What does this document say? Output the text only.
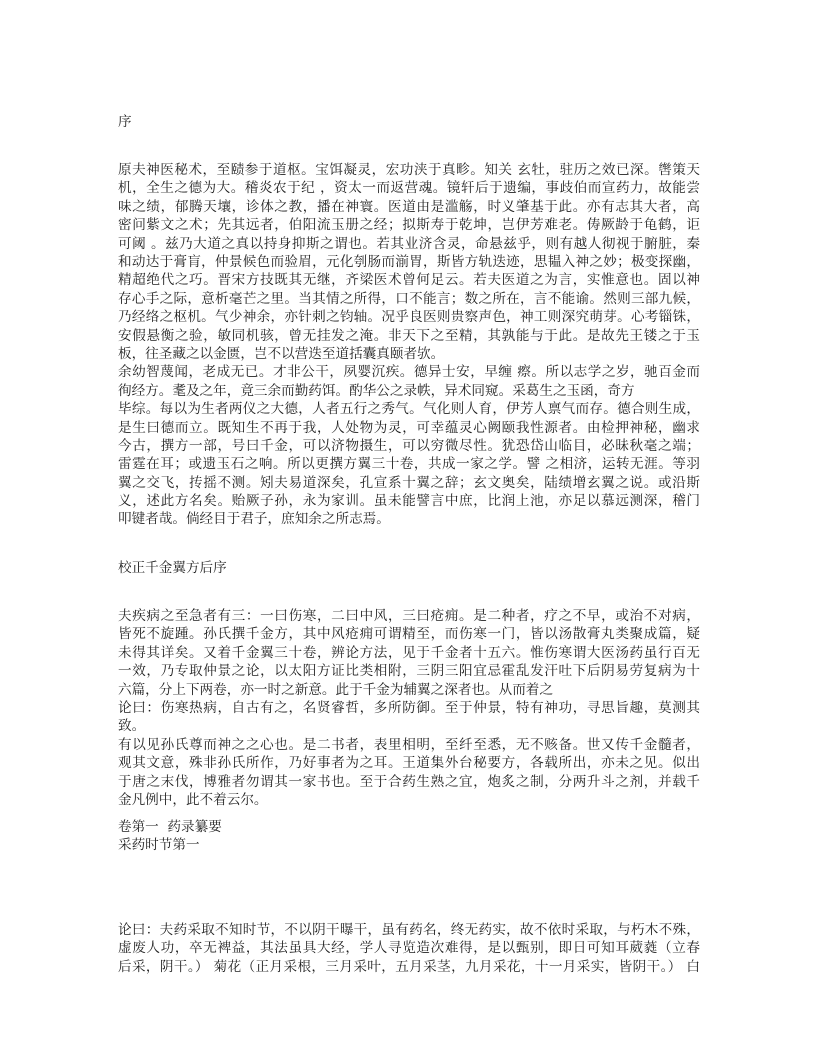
序
原夫神医秘术，至赜参于道枢。宝饵凝灵，宏功浃于真畛。知关 玄牡，驻历之效已深。辔策天
机，全生之德为大。稽炎农于纪 ，资太一而返营魂。镜轩后于遗编，事歧伯而宣药力，故能尝
味之绩，郁腾天壤，诊体之教，播在神寰。医道由是滥觞，时义肇基于此。亦有志其大者，高
密问紫文之术；先其远者，伯阳流玉册之经；拟斯寿于乾坤，岂伊芳难老。俦厥龄于龟鹤，讵
可阈 。兹乃大道之真以持身抑斯之谓也。若其业济含灵，命悬兹乎，则有越人彻视于腑脏，秦
和动达于膏肓，仲景候色而验眉，元化刳肠而湔胃，斯皆方轨迭迹，思韫入神之妙；极变探幽，
精超绝代之巧。晋宋方技既其无继，齐梁医术曾何足云。若夫医道之为言，实惟意也。固以神
存心手之际，意析毫芒之里。当其情之所得，口不能言；数之所在，言不能谕。然则三部九候，
乃经络之枢机。气少神余，亦针刺之钧轴。况乎良医则贵察声色，神工则深究萌芽。心考锱铢，
安假悬衡之验，敏同机骇，曾无挂发之淹。非天下之至精，其孰能与于此。是故先王镂之于玉
板，往圣藏之以金匮，岂不以营迭至道括囊真颐者欤。
余幼智蔑闻，老成无已。才非公干，夙婴沉疾。德异士安，早缠 瘵。所以志学之岁，驰百金而
徇经方。耄及之年，竟三余而勤药饵。酌华公之录帙，异术同窥。采葛生之玉函，奇方
毕综。每以为生者两仪之大德，人者五行之秀气。气化则人育，伊芳人禀气而存。德合则生成，
是生曰德而立。既知生不再于我，人处物为灵，可幸蕴灵心阙颐我性源者。由检押神秘，幽求
今古，撰方一部，号曰千金，可以济物摄生，可以穷微尽性。犹恐岱山临目，必昧秋毫之端；
雷霆在耳；或遗玉石之响。所以更撰方翼三十卷，共成一家之学。譬 之相济，运转无涯。等羽
翼之交飞，抟摇不测。矧夫易道深矣，孔宣系十翼之辞；玄文奥矣，陆绩增玄翼之说。或沿斯
义，述此方名矣。贻厥子孙，永为家训。虽未能譬言中庶，比润上池，亦足以慕远测深，稽门
叩键者哉。倘经目于君子，庶知余之所志焉。
校正千金翼方后序
夫疾病之至急者有三：一曰伤寒，二曰中风，三曰疮痈。是二种者，疗之不早，或治不对病，
皆死不旋踵。孙氏撰千金方，其中风疮痈可谓精至，而伤寒一门，皆以汤散膏丸类聚成篇，疑
未得其详矣。又着千金翼三十卷，辨论方法，见于千金者十五六。惟伤寒谓大医汤药虽行百无
一效，乃专取仲景之论，以太阳方证比类相附，三阴三阳宜忌霍乱发汗吐下后阴易劳复病为十
六篇，分上下两卷，亦一时之新意。此于千金为辅翼之深者也。从而着之
论曰：伤寒热病，自古有之，名贤睿哲，多所防御。至于仲景，特有神功，寻思旨趣，莫测其
致。
有以见孙氏尊而神之之心也。是二书者，表里相明，至纤至悉，无不赅备。世又传千金髓者，
观其文意，殊非孙氏所作，乃好事者为之耳。王道集外台秘要方，各载所出，亦未之见。似出
于唐之末伐，博雅者勿谓其一家书也。至于合药生熟之宜，炮炙之制，分两升斗之剂，并载千
金凡例中，此不着云尔。
卷第一  药录纂要
采药时节第一
论曰：夫药采取不知时节，不以阴干曝干，虽有药名，终无药实，故不依时采取，与朽木不殊，
虚废人功，卒无裨益，其法虽具大经，学人寻览造次难得，是以甄别，即日可知耳葳蕤（立春
后采，阴干。） 菊花（正月采根，三月采叶，五月采茎，九月采花，十一月采实，皆阴干。） 白
